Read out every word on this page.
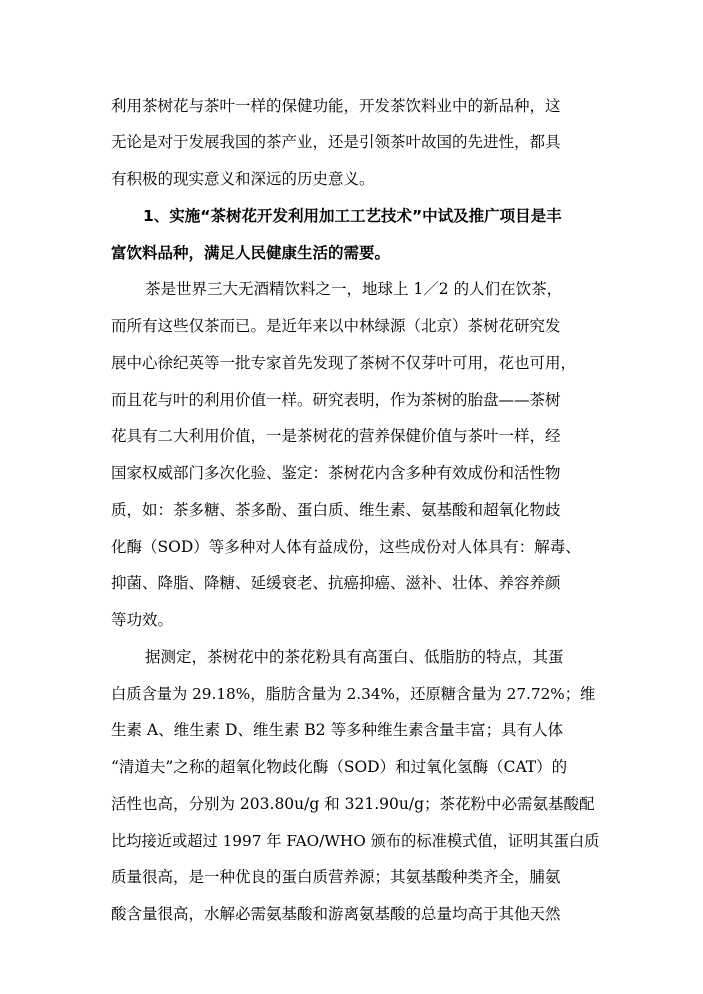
利用茶树花与茶叶一样的保健功能，开发茶饮料业中的新品种，这
无论是对于发展我国的茶产业，还是引领茶叶故国的先进性，都具
有积极的现实意义和深远的历史意义。
1、实施“茶树花开发利用加工工艺技术”中试及推广项目是丰
富饮料品种，满足人民健康生活的需要。
茶是世界三大无酒精饮料之一，地球上 1／2 的人们在饮茶，
而所有这些仅茶而已。是近年来以中林绿源（北京）茶树花研究发
展中心徐纪英等一批专家首先发现了茶树不仅芽叶可用，花也可用，
而且花与叶的利用价值一样。研究表明，作为茶树的胎盘——茶树
花具有二大利用价值，一是茶树花的营养保健价值与茶叶一样，经
国家权威部门多次化验、鉴定：茶树花内含多种有效成份和活性物
质，如：茶多糖、茶多酚、蛋白质、维生素、氨基酸和超氧化物歧
化酶（SOD）等多种对人体有益成份，这些成份对人体具有：解毒、
抑菌、降脂、降糖、延缓衰老、抗癌抑癌、滋补、壮体、养容养颜
等功效。
据测定，茶树花中的茶花粉具有高蛋白、低脂肪的特点，其蛋
白质含量为 29.18%，脂肪含量为 2.34%，还原糖含量为 27.72%；维
生素 A、维生素 D、维生素 B2 等多种维生素含量丰富；具有人体
“清道夫”之称的超氧化物歧化酶（SOD）和过氧化氢酶（CAT）的
活性也高，分别为 203.80u/g 和 321.90u/g；茶花粉中必需氨基酸配
比均接近或超过 1997 年 FAO/WHO 颁布的标准模式值，证明其蛋白质
质量很高，是一种优良的蛋白质营养源；其氨基酸种类齐全，脯氨
酸含量很高，水解必需氨基酸和游离氨基酸的总量均高于其他天然
